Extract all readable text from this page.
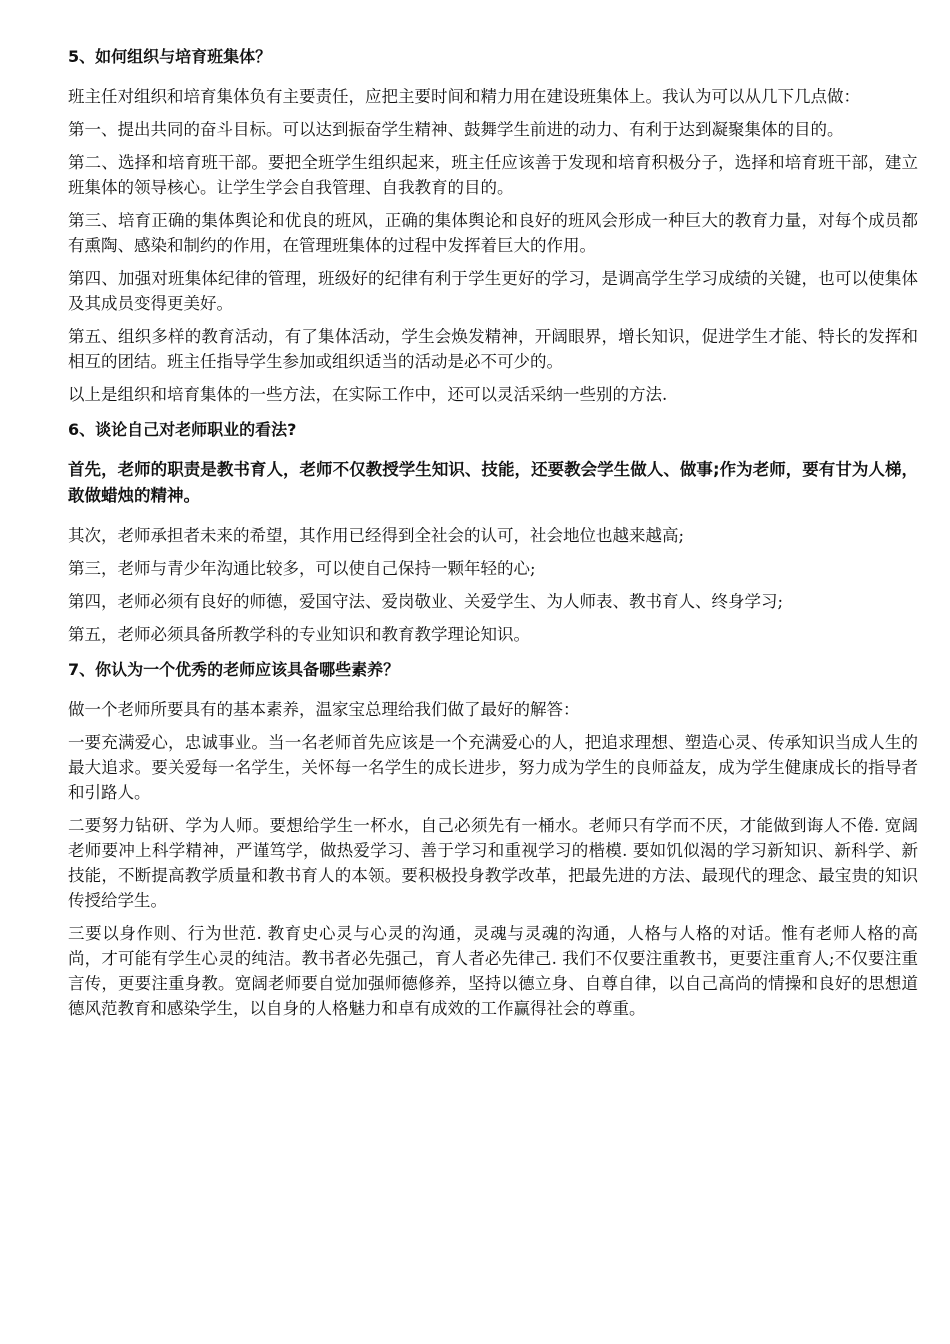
5、如何组织与培育班集体？

班主任对组织和培育集体负有主要责任，应把主要时间和精力用在建设班集体上。我认为可以从几下几点做：

第一、提出共同的奋斗目标。可以达到振奋学生精神、鼓舞学生前进的动力、有利于达到凝聚集体的目的。

第二、选择和培育班干部。要把全班学生组织起来，班主任应该善于发现和培育积极分子，选择和培育班干部，建立班集体的领导核心。让学生学会自我管理、自我教育的目的。

第三、培育正确的集体舆论和优良的班风，正确的集体舆论和良好的班风会形成一种巨大的教育力量，对每个成员都有熏陶、感染和制约的作用，在管理班集体的过程中发挥着巨大的作用。

第四、加强对班集体纪律的管理，班级好的纪律有利于学生更好的学习，是调高学生学习成绩的关键，也可以使集体及其成员变得更美好。

第五、组织多样的教育活动，有了集体活动，学生会焕发精神，开阔眼界，增长知识，促进学生才能、特长的发挥和相互的团结。班主任指导学生参加或组织适当的活动是必不可少的。

以上是组织和培育集体的一些方法，在实际工作中，还可以灵活采纳一些别的方法.

6、谈论自己对老师职业的看法?

首先，老师的职责是教书育人，老师不仅教授学生知识、技能，还要教会学生做人、做事;作为老师，要有甘为人梯，敢做蜡烛的精神。

其次，老师承担者未来的希望，其作用已经得到全社会的认可，社会地位也越来越高;

第三，老师与青少年沟通比较多，可以使自己保持一颗年轻的心;

第四，老师必须有良好的师德，爱国守法、爱岗敬业、关爱学生、为人师表、教书育人、终身学习;

第五，老师必须具备所教学科的专业知识和教育教学理论知识。

7、你认为一个优秀的老师应该具备哪些素养？

做一个老师所要具有的基本素养，温家宝总理给我们做了最好的解答：

一要充满爱心，忠诚事业。当一名老师首先应该是一个充满爱心的人，把追求理想、塑造心灵、传承知识当成人生的最大追求。要关爱每一名学生，关怀每一名学生的成长进步，努力成为学生的良师益友，成为学生健康成长的指导者和引路人。

二要努力钻研、学为人师。要想给学生一杯水，自己必须先有一桶水。老师只有学而不厌，才能做到诲人不倦. 宽阔老师要冲上科学精神，严谨笃学，做热爱学习、善于学习和重视学习的楷模. 要如饥似渴的学习新知识、新科学、新技能，不断提高教学质量和教书育人的本领。要积极投身教学改革，把最先进的方法、最现代的理念、最宝贵的知识传授给学生。

三要以身作则、行为世范. 教育史心灵与心灵的沟通，灵魂与灵魂的沟通，人格与人格的对话。惟有老师人格的高尚，才可能有学生心灵的纯洁。教书者必先强己，育人者必先律己. 我们不仅要注重教书，更要注重育人;不仅要注重言传，更要注重身教。宽阔老师要自觉加强师德修养，坚持以德立身、自尊自律，以自己高尚的情操和良好的思想道德风范教育和感染学生，以自身的人格魅力和卓有成效的工作赢得社会的尊重。
